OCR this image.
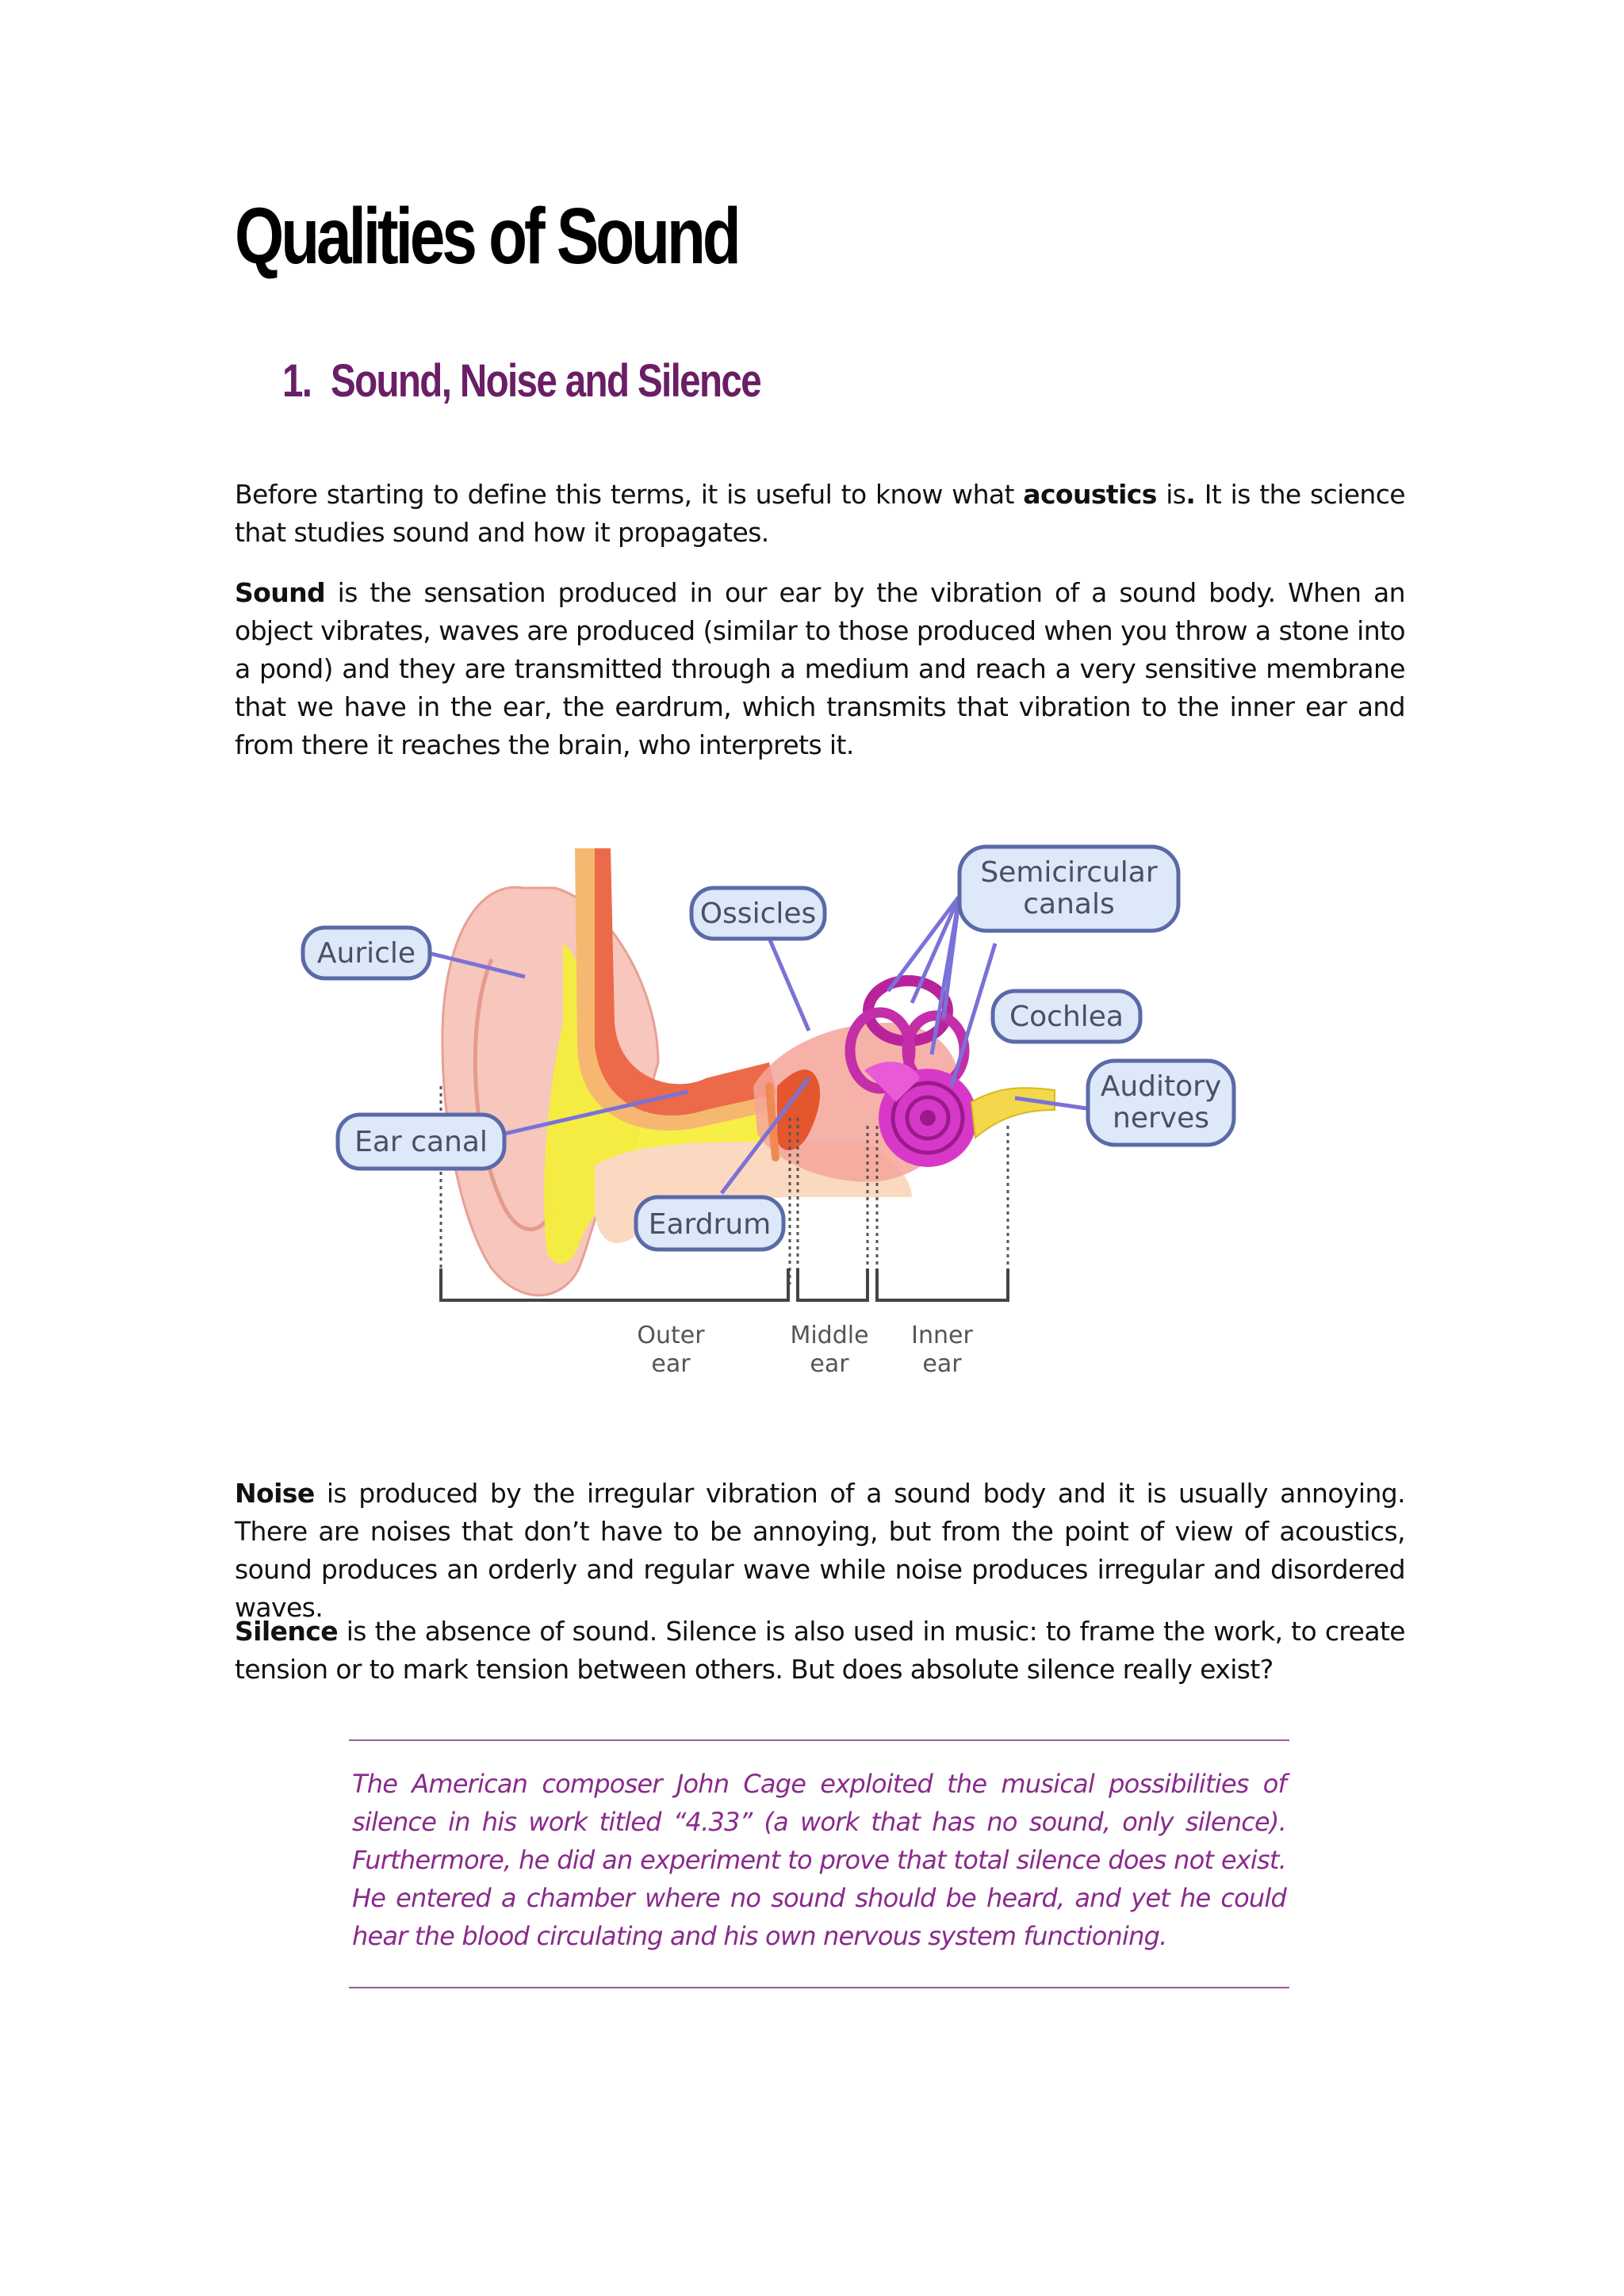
Qualities of Sound
1. Sound, Noise and Silence

Before starting to define this terms, it is useful to know what acoustics is. It is the science that studies sound and how it propagates.

Sound is the sensation produced in our ear by the vibration of a sound body. When an object vibrates, waves are produced (similar to those produced when you throw a stone into a pond) and they are transmitted through a medium and reach a very sensitive membrane that we have in the ear, the eardrum, which transmits that vibration to the inner ear and from there it reaches the brain, who interprets it.

Auricle
Ossicles
Semicircular
canals
Cochlea
Auditory
nerves
Ear canal
Eardrum
Outer
ear
Middle
ear
Inner
ear

Noise is produced by the irregular vibration of a sound body and it is usually annoying. There are noises that don’t have to be annoying, but from the point of view of acoustics, sound produces an orderly and regular wave while noise produces irregular and disordered waves.

Silence is the absence of sound. Silence is also used in music: to frame the work, to create tension or to mark tension between others. But does absolute silence really exist?

The American composer John Cage exploited the musical possibilities of silence in his work titled “4.33” (a work that has no sound, only silence). Furthermore, he did an experiment to prove that total silence does not exist. He entered a chamber where no sound should be heard, and yet he could hear the blood circulating and his own nervous system functioning.
